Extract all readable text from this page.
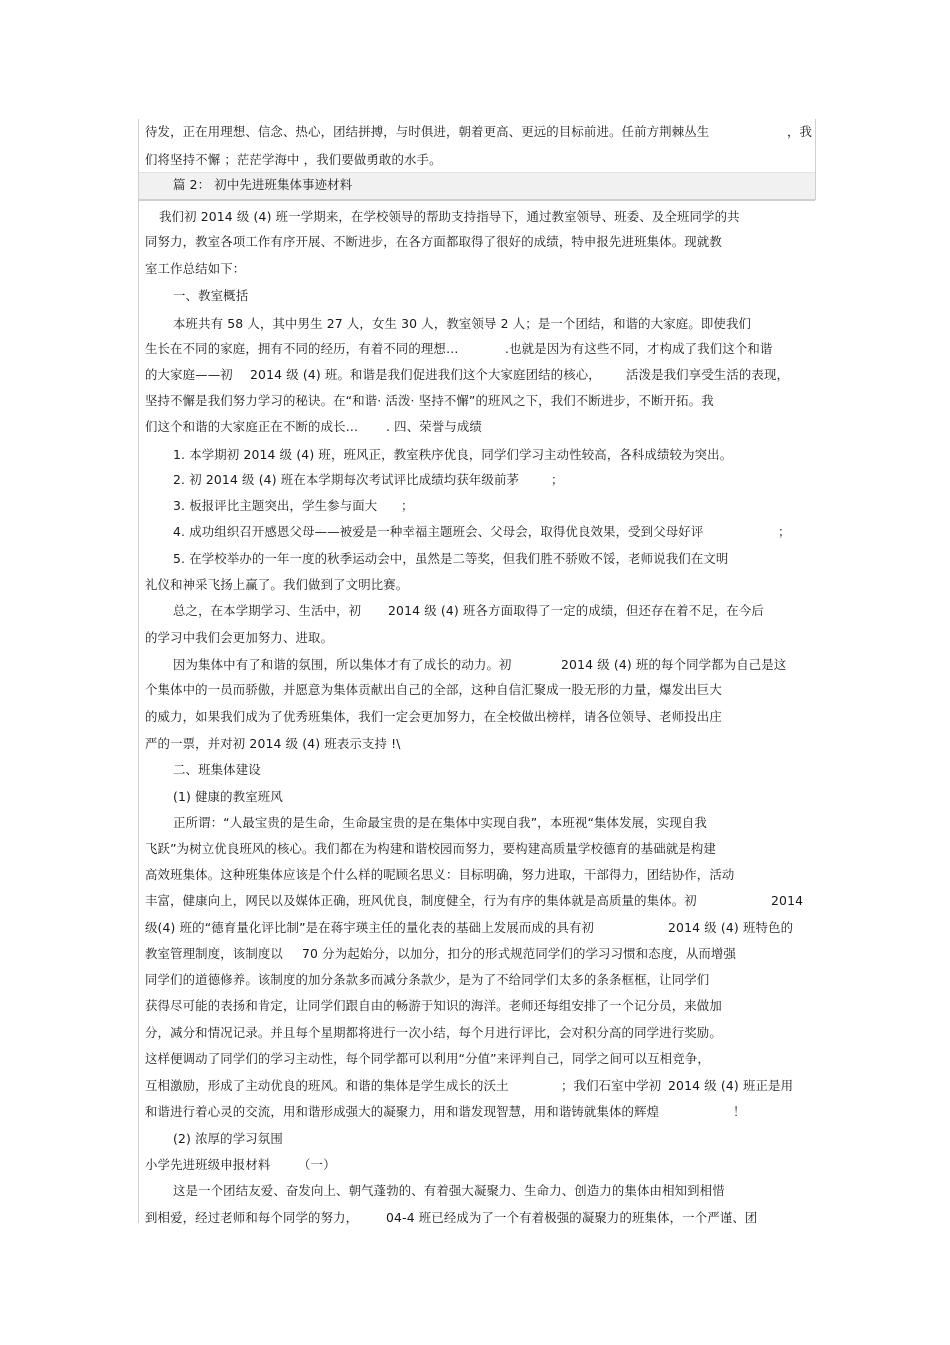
待发，正在用理想、信念、热心，团结拼搏，与时俱进，朝着更高、更远的目标前进。任前方荆棘丛生	，我
们将坚持不懈 ；茫茫学海中 ，我们要做勇敢的水手。
篇 2： 初中先进班集体事迹材料
我们初 2014 级 (4) 班一学期来，在学校领导的帮助支持指导下，通过教室领导、班委、及全班同学的共
同努力，教室各项工作有序开展、不断进步，在各方面都取得了很好的成绩，特申报先进班集体。现就教
室工作总结如下：
一、教室概括
本班共有 58 人，其中男生 27 人，女生 30 人，教室领导 2 人；是一个团结，和谐的大家庭。即使我们
生长在不同的家庭，拥有不同的经历，有着不同的理想…	.也就是因为有这些不同，才构成了我们这个和谐
的大家庭——初 2014 级 (4) 班。和谐是我们促进我们这个大家庭团结的核心， 活泼是我们享受生活的表现，
坚持不懈是我们努力学习的秘诀。在“和谐· 活泼· 坚持不懈”的班风之下，我们不断进步，不断开拓。我
们这个和谐的大家庭正在不断的成长… . 四、荣誉与成绩
1. 本学期初 2014 级 (4) 班，班风正，教室秩序优良，同学们学习主动性较高，各科成绩较为突出。
2. 初 2014 级 (4) 班在本学期每次考试评比成绩均获年级前茅	；
3. 板报评比主题突出，学生参与面大 ；
4. 成功组织召开感恩父母——被爱是一种幸福主题班会、父母会，取得优良效果，受到父母好评	；
5. 在学校举办的一年一度的秋季运动会中，虽然是二等奖，但我们胜不骄败不馁，老师说我们在文明
礼仪和神采飞扬上赢了。我们做到了文明比赛。
总之，在本学期学习、生活中，初 2014 级 (4) 班各方面取得了一定的成绩，但还存在着不足，在今后
的学习中我们会更加努力、进取。
因为集体中有了和谐的氛围，所以集体才有了成长的动力。初	2014 级 (4) 班的每个同学都为自己是这
个集体中的一员而骄傲，并愿意为集体贡献出自己的全部，这种自信汇聚成一股无形的力量，爆发出巨大
的威力，如果我们成为了优秀班集体，我们一定会更加努力，在全校做出榜样，请各位领导、老师投出庄
严的一票，并对初 2014 级 (4) 班表示支持 !\
二、班集体建设
(1) 健康的教室班风
正所谓：“人最宝贵的是生命，生命最宝贵的是在集体中实现自我”，本班视“集体发展，实现自我
飞跃”为树立优良班风的核心。我们都在为构建和谐校园而努力，要构建高质量学校德育的基础就是构建
高效班集体。这种班集体应该是个什么样的呢顾名思义：目标明确，努力进取，干部得力，团结协作，活动
丰富，健康向上，网民以及媒体正确，班风优良，制度健全，行为有序的集体就是高质量的集体。初	2014
级(4) 班的“德育量化评比制”是在蒋宇瑛主任的量化表的基础上发展而成的具有初	2014 级 (4) 班特色的
教室管理制度，该制度以 70 分为起始分，以加分，扣分的形式规范同学们的学习习惯和态度，从而增强
同学们的道德修养。该制度的加分条款多而减分条款少，是为了不给同学们太多的条条框框，让同学们
获得尽可能的表扬和肯定，让同学们跟自由的畅游于知识的海洋。老师还每组安排了一个记分员，来做加
分，减分和情况记录。并且每个星期都将进行一次小结，每个月进行评比，会对积分高的同学进行奖励。
这样便调动了同学们的学习主动性，每个同学都可以利用“分值”来评判自己，同学之间可以互相竞争，
互相激励，形成了主动优良的班风。和谐的集体是学生成长的沃土	；我们石室中学初 2014 级 (4) 班正是用
和谐进行着心灵的交流，用和谐形成强大的凝聚力，用和谐发现智慧，用和谐铸就集体的辉煌	！
(2) 浓厚的学习氛围
小学先进班级申报材料 （一）
这是一个团结友爱、奋发向上、朝气蓬勃的、有着强大凝聚力、生命力、创造力的集体由相知到相惜
到相爱，经过老师和每个同学的努力， 04-4 班已经成为了一个有着极强的凝聚力的班集体，一个严谨、团
